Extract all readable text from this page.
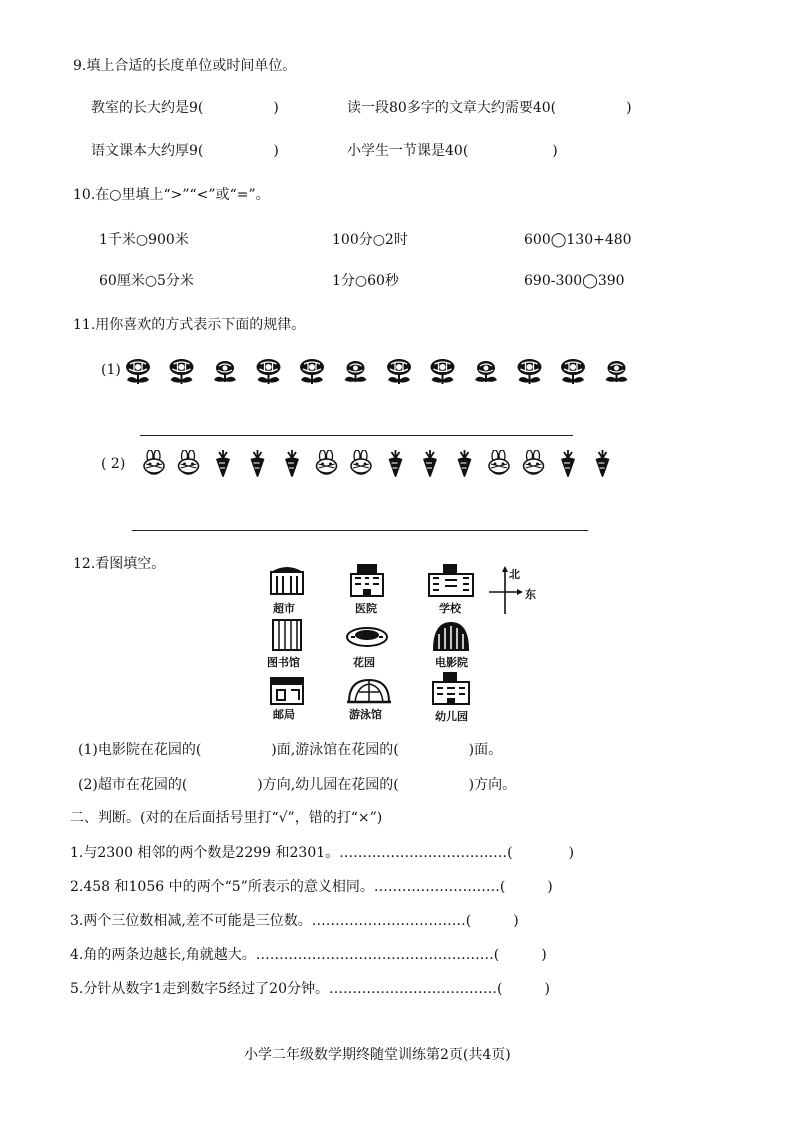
9.填上合适的长度单位或时间单位。
教室的长大约是9(　　　　　)	读一段80多字的文章大约需要40(　　　　　)
语文课本大约厚9(　　　　　)	小学生一节课是40(　　　　　　)
10.在○里填上“>”“<”或“=”。
1千米○900米	100分○2时	600◯130+480
60厘米○5分米	1分○60秒	690-300◯390
11.用你喜欢的方式表示下面的规律。
(1)
( 2)
12.看图填空。
超市	医院	学校
北
东
图书馆	花园	电影院
邮局	游泳馆	幼儿园
(1)电影院在花园的(　　　　　)面,游泳馆在花园的(　　　　　)面。
(2)超市在花园的(　　　　　)方向,幼儿园在花园的(　　　　　)方向。
二、判断。(对的在后面括号里打“√”，错的打“×”)
1.与2300 相邻的两个数是2299 和2301。………………………………(　　　　)
2.458 和1056 中的两个“5”所表示的意义相同。………………………(　　　)
3.两个三位数相减,差不可能是三位数。……………………………(　　　)
4.角的两条边越长,角就越大。……………………………………………(　　　)
5.分针从数字1走到数字5经过了20分钟。………………………………(　　　)
小学二年级数学期终随堂训练第2页(共4页)
